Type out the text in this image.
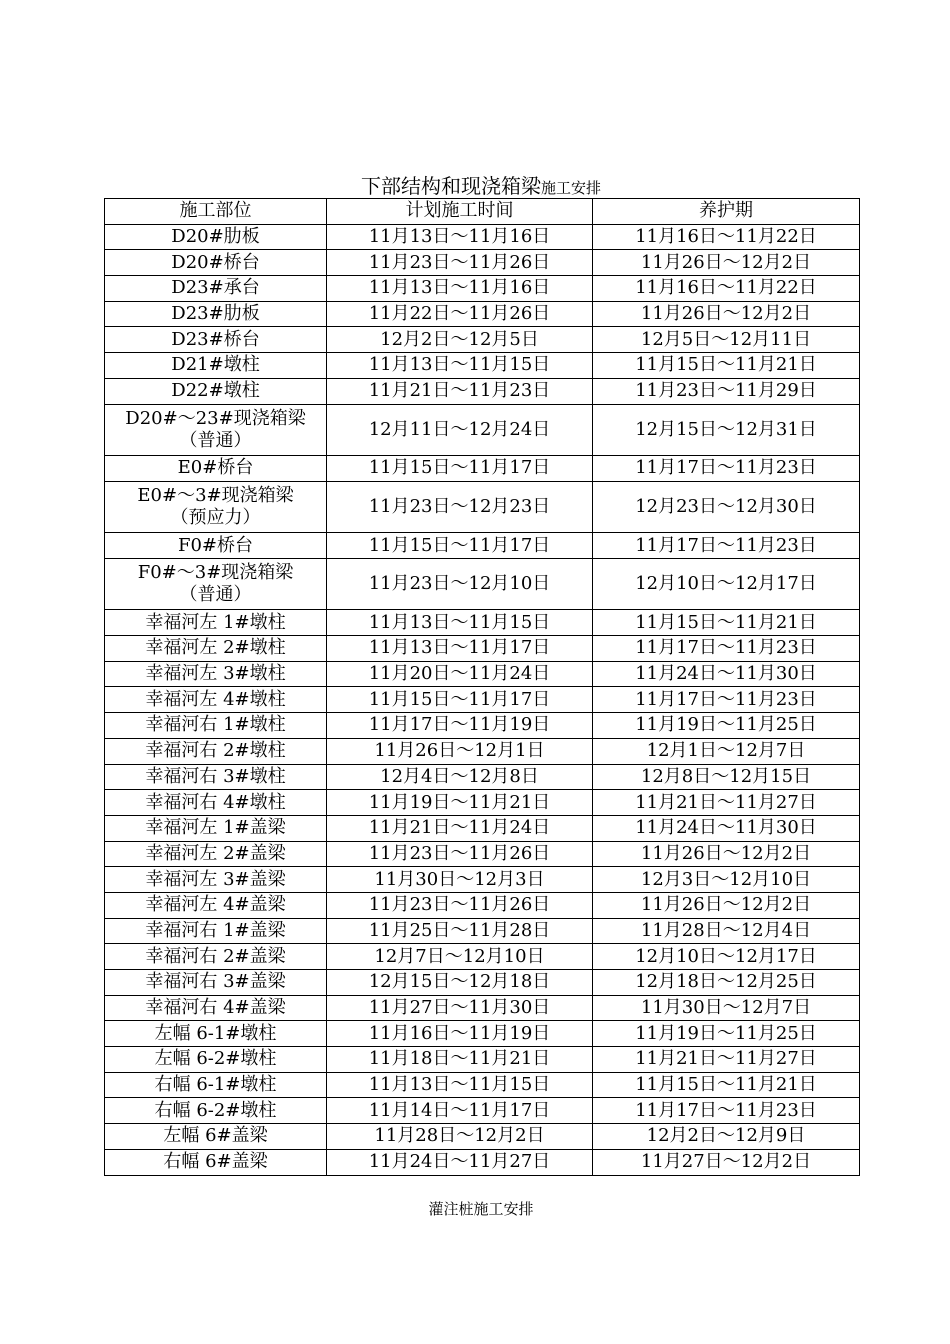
下部结构和现浇箱梁施工安排
施工部位	计划施工时间	养护期

D20#肋板	11月13日～11月16日	11月16日～11月22日

D20#桥台	11月23日～11月26日	11月26日～12月2日

D23#承台	11月13日～11月16日	11月16日～11月22日

D23#肋板	11月22日～11月26日	11月26日～12月2日

D23#桥台	12月2日～12月5日	12月5日～12月11日

D21#墩柱	11月13日～11月15日	11月15日～11月21日

D22#墩柱	11月21日～11月23日	11月23日～11月29日

D20#～23#现浇箱梁
（普通）	12月11日～12月24日	12月15日～12月31日

E0#桥台	11月15日～11月17日	11月17日～11月23日

E0#～3#现浇箱梁
（预应力）	11月23日～12月23日	12月23日～12月30日

F0#桥台	11月15日～11月17日	11月17日～11月23日

F0#～3#现浇箱梁
（普通）	11月23日～12月10日	12月10日～12月17日

幸福河左 1#墩柱	11月13日～11月15日	11月15日～11月21日

幸福河左 2#墩柱	11月13日～11月17日	11月17日～11月23日

幸福河左 3#墩柱	11月20日～11月24日	11月24日～11月30日

幸福河左 4#墩柱	11月15日～11月17日	11月17日～11月23日

幸福河右 1#墩柱	11月17日～11月19日	11月19日～11月25日

幸福河右 2#墩柱	11月26日～12月1日	12月1日～12月7日

幸福河右 3#墩柱	12月4日～12月8日	12月8日～12月15日

幸福河右 4#墩柱	11月19日～11月21日	11月21日～11月27日

幸福河左 1#盖梁	11月21日～11月24日	11月24日～11月30日

幸福河左 2#盖梁	11月23日～11月26日	11月26日～12月2日

幸福河左 3#盖梁	11月30日～12月3日	12月3日～12月10日

幸福河左 4#盖梁	11月23日～11月26日	11月26日～12月2日

幸福河右 1#盖梁	11月25日～11月28日	11月28日～12月4日

幸福河右 2#盖梁	12月7日～12月10日	12月10日～12月17日

幸福河右 3#盖梁	12月15日～12月18日	12月18日～12月25日

幸福河右 4#盖梁	11月27日～11月30日	11月30日～12月7日

左幅 6-1#墩柱	11月16日～11月19日	11月19日～11月25日

左幅 6-2#墩柱	11月18日～11月21日	11月21日～11月27日

右幅 6-1#墩柱	11月13日～11月15日	11月15日～11月21日

右幅 6-2#墩柱	11月14日～11月17日	11月17日～11月23日

左幅 6#盖梁	11月28日～12月2日	12月2日～12月9日

右幅 6#盖梁	11月24日～11月27日	11月27日～12月2日
灌注桩施工安排
